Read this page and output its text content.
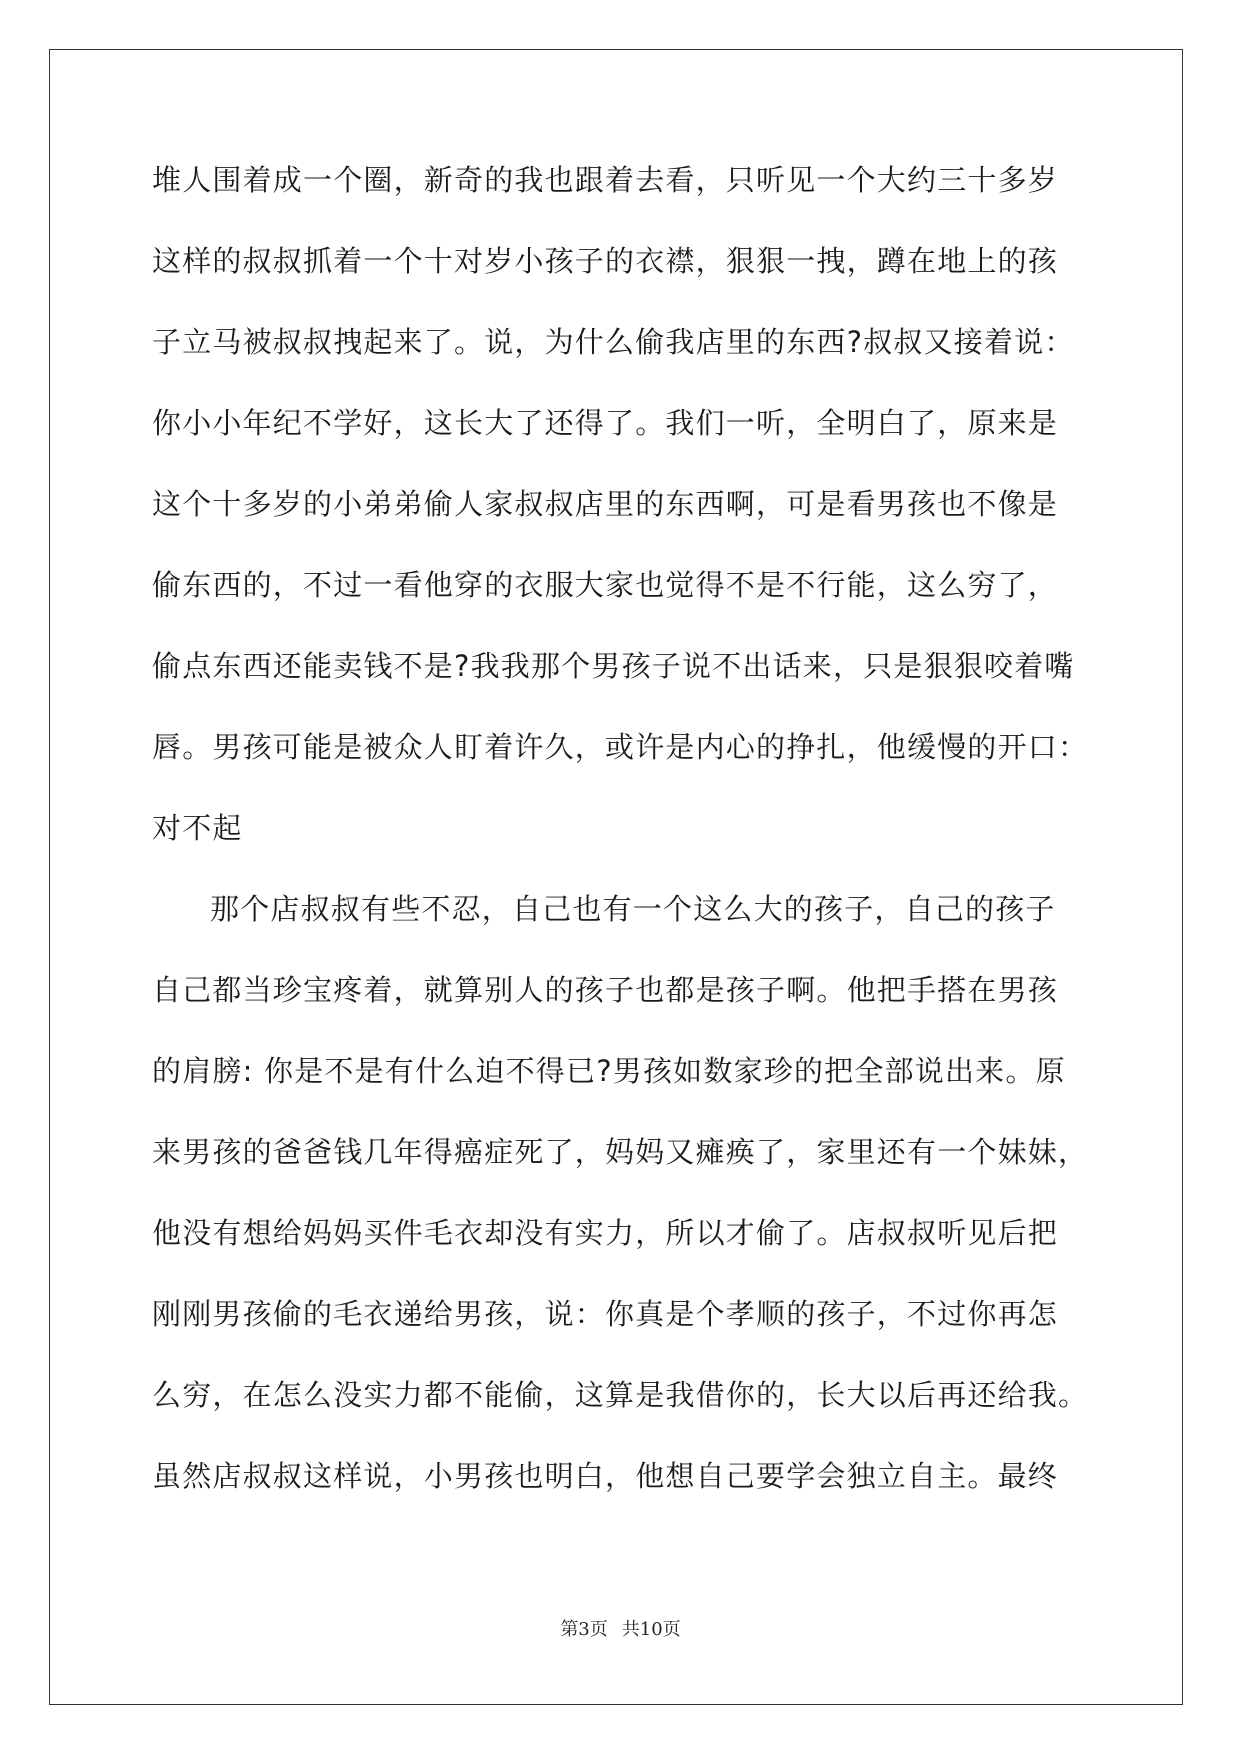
堆人围着成一个圈，新奇的我也跟着去看，只听见一个大约三十多岁
这样的叔叔抓着一个十对岁小孩子的衣襟，狠狠一拽，蹲在地上的孩
子立马被叔叔拽起来了。说，为什么偷我店里的东西?叔叔又接着说：
你小小年纪不学好，这长大了还得了。我们一听，全明白了，原来是
这个十多岁的小弟弟偷人家叔叔店里的东西啊，可是看男孩也不像是
偷东西的，不过一看他穿的衣服大家也觉得不是不行能，这么穷了，
偷点东西还能卖钱不是?我我那个男孩子说不出话来，只是狠狠咬着嘴
唇。男孩可能是被众人盯着许久，或许是内心的挣扎，他缓慢的开口：
对不起
那个店叔叔有些不忍，自己也有一个这么大的孩子，自己的孩子
自己都当珍宝疼着，就算别人的孩子也都是孩子啊。他把手搭在男孩
的肩膀: 你是不是有什么迫不得已?男孩如数家珍的把全部说出来。原
来男孩的爸爸钱几年得癌症死了，妈妈又瘫痪了，家里还有一个妹妹，
他没有想给妈妈买件毛衣却没有实力，所以才偷了。店叔叔听见后把
刚刚男孩偷的毛衣递给男孩，说：你真是个孝顺的孩子，不过你再怎
么穷，在怎么没实力都不能偷，这算是我借你的，长大以后再还给我。
虽然店叔叔这样说，小男孩也明白，他想自己要学会独立自主。最终
第3页 共10页
